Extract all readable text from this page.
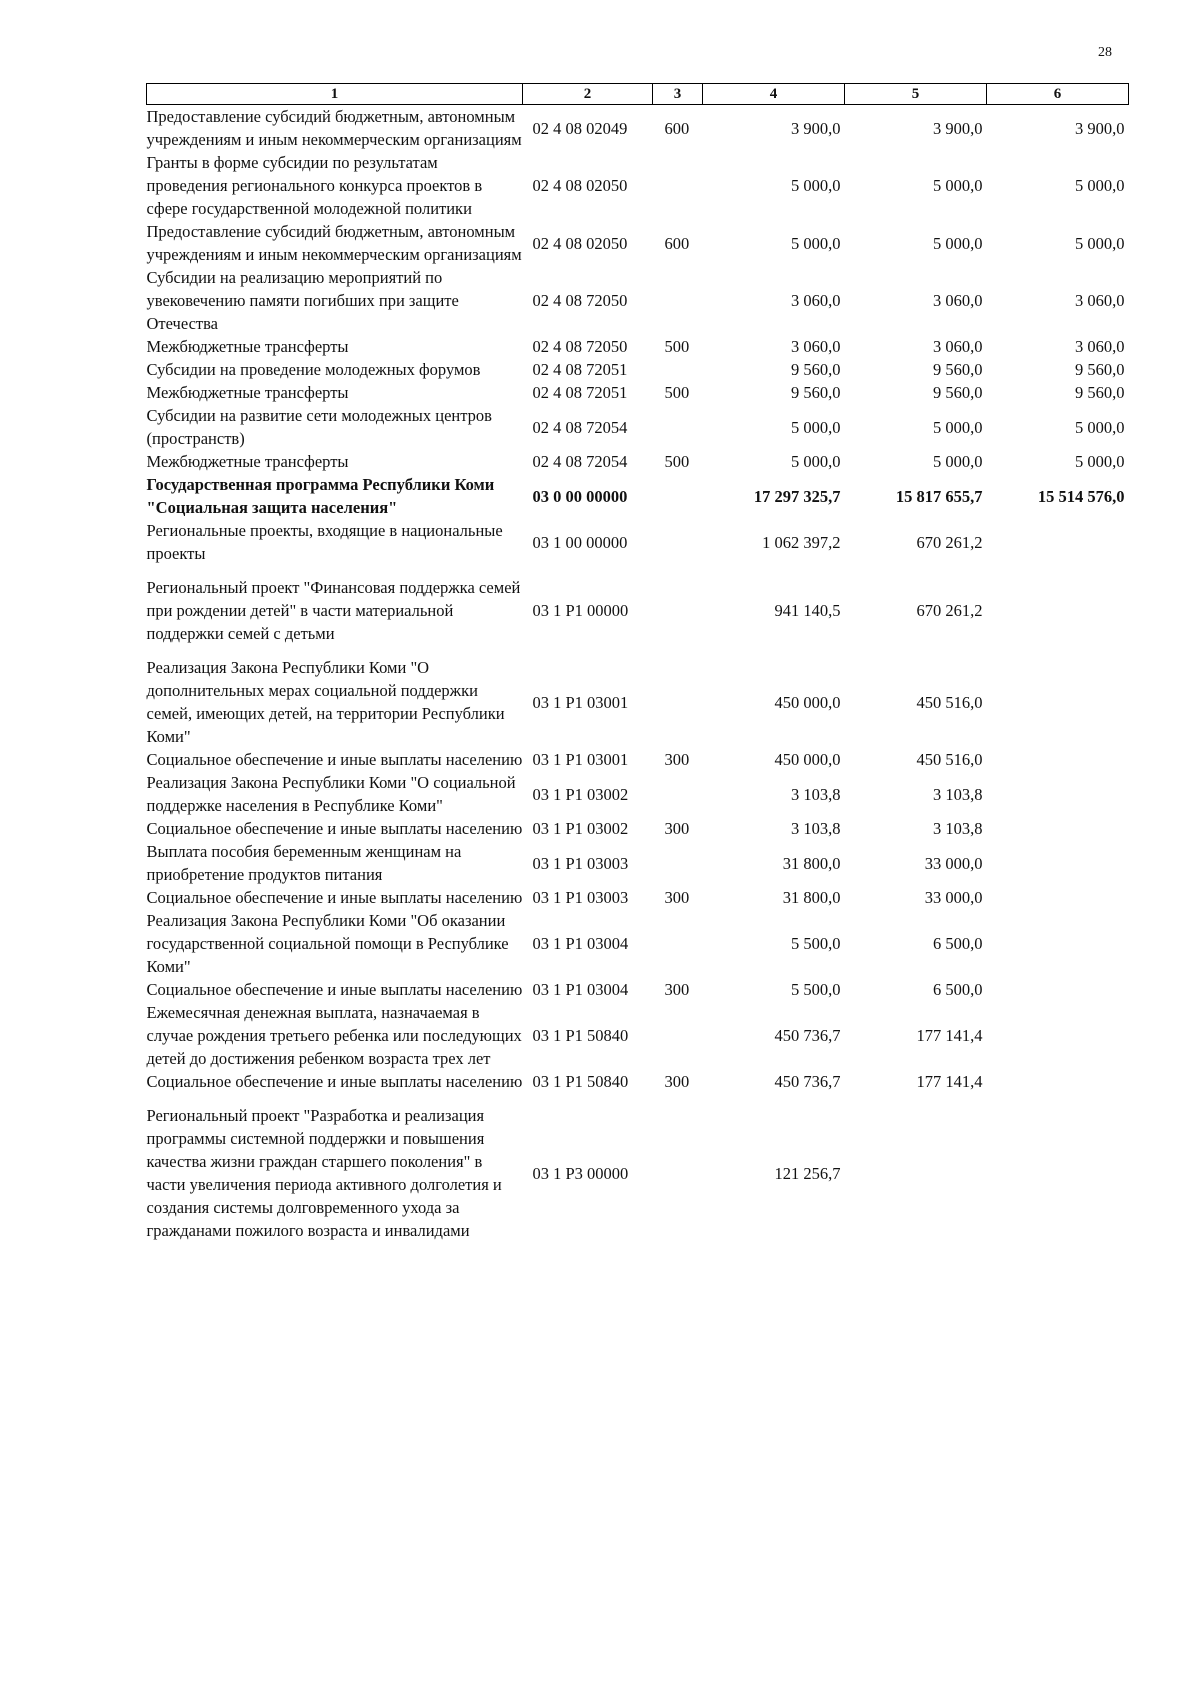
28
1	2	3	4	5	6
Предоставление субсидий бюджетным, автономным учреждениям и иным некоммерческим организациям	02 4 08 02049	600	3 900,0	3 900,0	3 900,0
Гранты в форме субсидии по результатам проведения регионального конкурса проектов в сфере государственной молодежной политики	02 4 08 02050		5 000,0	5 000,0	5 000,0
Предоставление субсидий бюджетным, автономным учреждениям и иным некоммерческим организациям	02 4 08 02050	600	5 000,0	5 000,0	5 000,0
Субсидии на реализацию мероприятий по увековечению памяти погибших при защите Отечества	02 4 08 72050		3 060,0	3 060,0	3 060,0
Межбюджетные трансферты	02 4 08 72050	500	3 060,0	3 060,0	3 060,0
Субсидии на проведение молодежных форумов	02 4 08 72051		9 560,0	9 560,0	9 560,0
Межбюджетные трансферты	02 4 08 72051	500	9 560,0	9 560,0	9 560,0
Субсидии на развитие сети молодежных центров (пространств)	02 4 08 72054		5 000,0	5 000,0	5 000,0
Межбюджетные трансферты	02 4 08 72054	500	5 000,0	5 000,0	5 000,0
Государственная программа Республики Коми "Социальная защита населения"	03 0 00 00000		17 297 325,7	15 817 655,7	15 514 576,0
Региональные проекты, входящие в национальные проекты	03 1 00 00000		1 062 397,2	670 261,2	
Региональный проект "Финансовая поддержка семей при рождении детей" в части материальной поддержки семей с детьми	03 1 P1 00000		941 140,5	670 261,2	
Реализация Закона Республики Коми "О дополнительных мерах социальной поддержки семей, имеющих детей, на территории Республики Коми"	03 1 P1 03001		450 000,0	450 516,0	
Социальное обеспечение и иные выплаты населению	03 1 P1 03001	300	450 000,0	450 516,0	
Реализация Закона Республики Коми "О социальной поддержке населения в Республике Коми"	03 1 P1 03002		3 103,8	3 103,8	
Социальное обеспечение и иные выплаты населению	03 1 P1 03002	300	3 103,8	3 103,8	
Выплата пособия беременным женщинам на приобретение продуктов питания	03 1 P1 03003		31 800,0	33 000,0	
Социальное обеспечение и иные выплаты населению	03 1 P1 03003	300	31 800,0	33 000,0	
Реализация Закона Республики Коми "Об оказании государственной социальной помощи в Республике Коми"	03 1 P1 03004		5 500,0	6 500,0	
Социальное обеспечение и иные выплаты населению	03 1 P1 03004	300	5 500,0	6 500,0	
Ежемесячная денежная выплата, назначаемая в случае рождения третьего ребенка или последующих детей до достижения ребенком возраста трех лет	03 1 P1 50840		450 736,7	177 141,4	
Социальное обеспечение и иные выплаты населению	03 1 P1 50840	300	450 736,7	177 141,4	
Региональный проект "Разработка и реализация программы системной поддержки и повышения качества жизни граждан старшего поколения" в части увеличения периода активного долголетия и создания системы долговременного ухода за гражданами пожилого возраста и инвалидами	03 1 P3 00000		121 256,7		
